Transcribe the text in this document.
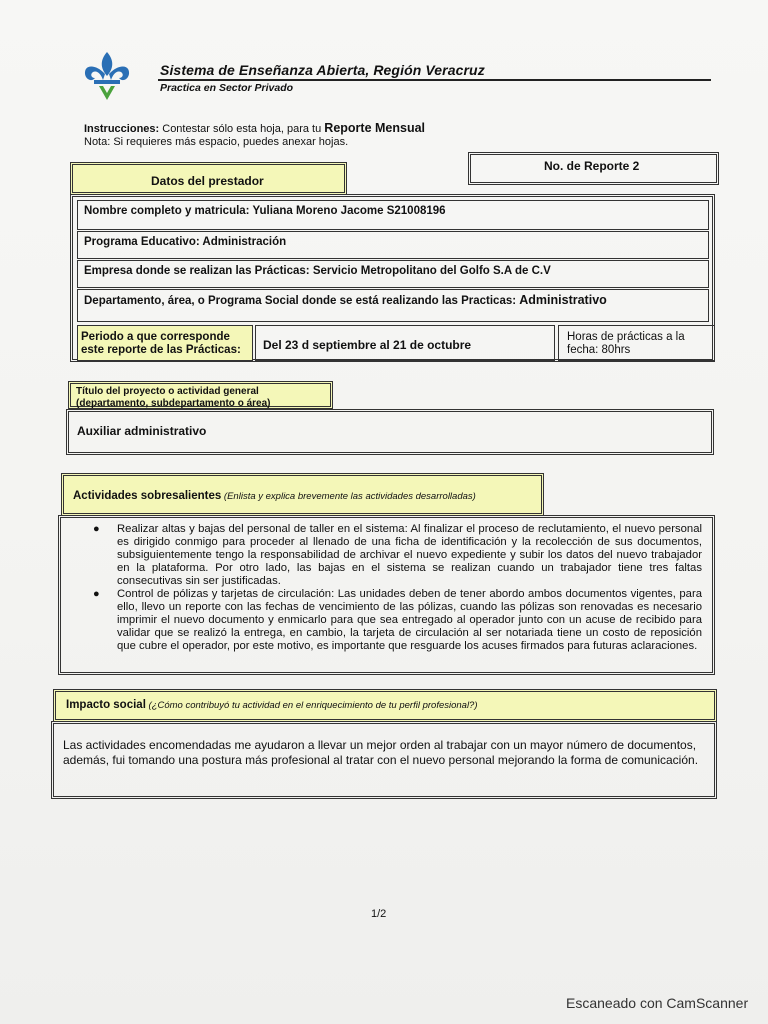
Sistema de Enseñanza Abierta, Región Veracruz
Practica en Sector Privado
Instrucciones: Contestar sólo esta hoja, para tu Reporte Mensual
Nota: Si requieres más espacio, puedes anexar hojas.
No. de Reporte 2
Datos del prestador
Nombre completo y matricula: Yuliana Moreno Jacome S21008196
Programa Educativo: Administración
Empresa donde se realizan las Prácticas: Servicio Metropolitano del Golfo S.A de C.V
Departamento, área, o Programa Social donde se está realizando las Practicas: Administrativo
Periodo a que corresponde este reporte de las Prácticas:	Del 23 d septiembre al 21 de octubre
Horas de prácticas a la fecha: 80hrs
Título del proyecto o actividad general (departamento, subdepartamento o área)
Auxiliar administrativo
Actividades sobresalientes (Enlista y explica brevemente las actividades desarrolladas)
● Realizar altas y bajas del personal de taller en el sistema: Al finalizar el proceso de reclutamiento, el nuevo personal es dirigido conmigo para proceder al llenado de una ficha de identificación y la recolección de sus documentos, subsiguientemente tengo la responsabilidad de archivar el nuevo expediente y subir los datos del nuevo trabajador en la plataforma. Por otro lado, las bajas en el sistema se realizan cuando un trabajador tiene tres faltas consecutivas sin ser justificadas.
● Control de pólizas y tarjetas de circulación: Las unidades deben de tener abordo ambos documentos vigentes, para ello, llevo un reporte con las fechas de vencimiento de las pólizas, cuando las pólizas son renovadas es necesario imprimir el nuevo documento y enmicarlo para que sea entregado al operador junto con un acuse de recibido para validar que se realizó la entrega, en cambio, la tarjeta de circulación al ser notariada tiene un costo de reposición que cubre el operador, por este motivo, es importante que resguarde los acuses firmados para futuras aclaraciones.
Impacto social (¿Cómo contribuyó tu actividad en el enriquecimiento de tu perfil profesional?)

Las actividades encomendadas me ayudaron a llevar un mejor orden al trabajar con un mayor número de documentos, además, fui tomando una postura más profesional al tratar con el nuevo personal mejorando la forma de comunicación.

1/2
Escaneado con CamScanner
